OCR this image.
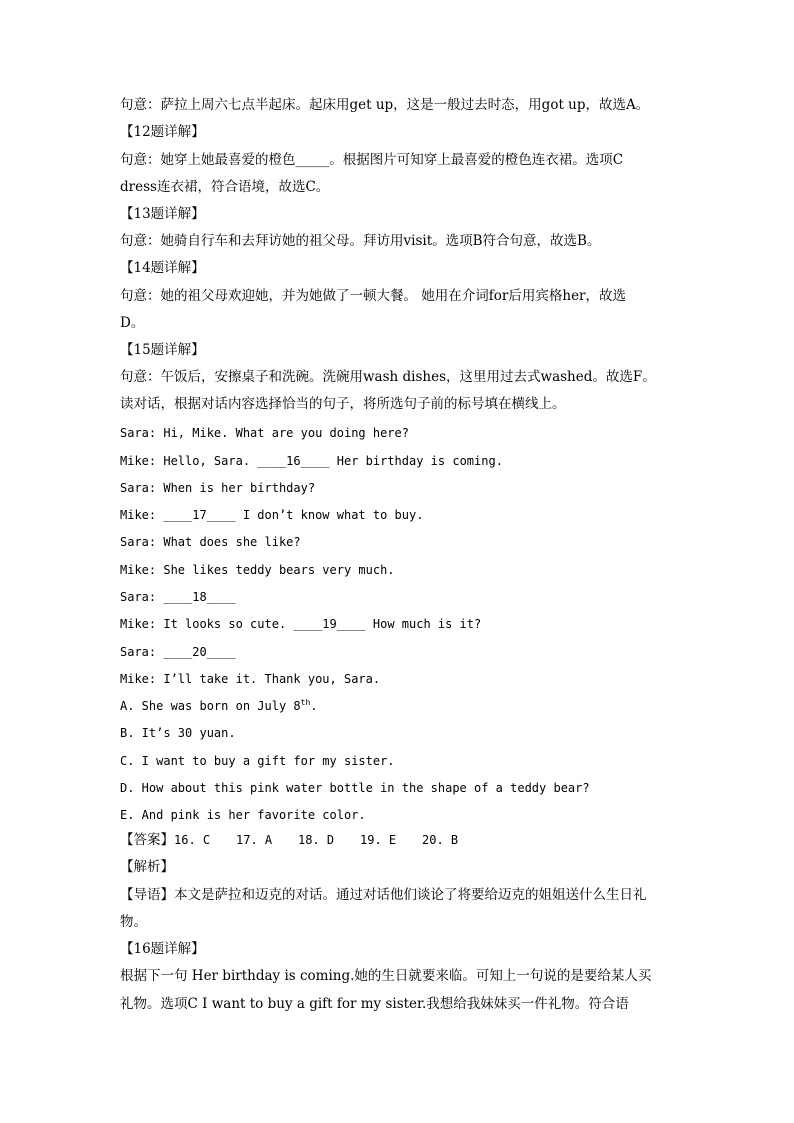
句意：萨拉上周六七点半起床。起床用get up，这是一般过去时态，用got up，故选A。
【12题详解】
句意：她穿上她最喜爱的橙色_____。根据图片可知穿上最喜爱的橙色连衣裙。选项C
dress连衣裙，符合语境，故选C。
【13题详解】
句意：她骑自行车和去拜访她的祖父母。拜访用visit。选项B符合句意，故选B。
【14题详解】
句意：她的祖父母欢迎她，并为她做了一顿大餐。 她用在介词for后用宾格her，故选
D。
【15题详解】
句意：午饭后，安擦桌子和洗碗。洗碗用wash dishes，这里用过去式washed。故选F。
读对话，根据对话内容选择恰当的句子，将所选句子前的标号填在横线上。
Sara: Hi, Mike. What are you doing here?
Mike: Hello, Sara. ____16____ Her birthday is coming.
Sara: When is her birthday?
Mike: ____17____ I don’t know what to buy.
Sara: What does she like?
Mike: She likes teddy bears very much.
Sara: ____18____
Mike: It looks so cute. ____19____ How much is it?
Sara: ____20____
Mike: I’ll take it. Thank you, Sara.
A. She was born on July 8th.
B. It’s 30 yuan.
C. I want to buy a gift for my sister.
D. How about this pink water bottle in the shape of a teddy bear?
E. And pink is her favorite color.
【答案】16. C 17. A 18. D 19. E 20. B
【解析】
【导语】本文是萨拉和迈克的对话。通过对话他们谈论了将要给迈克的姐姐送什么生日礼
物。
【16题详解】
根据下一句 Her birthday is coming.她的生日就要来临。可知上一句说的是要给某人买
礼物。选项C I want to buy a gift for my sister.我想给我妹妹买一件礼物。符合语
